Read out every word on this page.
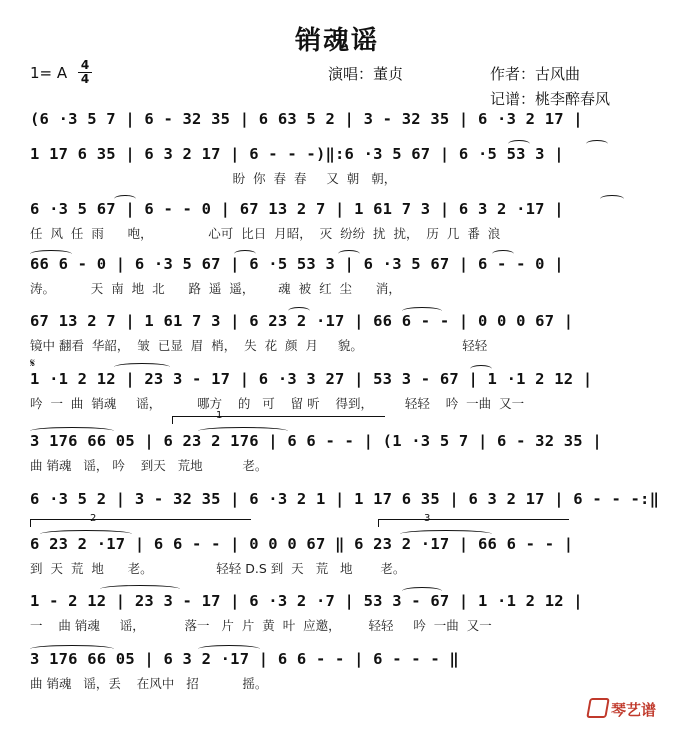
销魂谣
1= A 4
4	演唱：董贞	作者：古风曲
记谱：桃李醉春风
(6 ·3 5 7 | 6 - 32 35 | 6 63 5 2 | 3 - 32 35 | 6 ·3 2 17 |
1 17 6 35 | 6 3 2 17 | 6 - - -)‖:6 ·3 5 67 | 6 ·5 53 3 |
盼  你  春  春     又  朝   朝，
6 ·3 5 67 | 6 - - 0 | 67 13 2 7 | 1 61 7 3 | 6 3 2 ·17 |
任  风  任  雨      咆，              心可  比日  月昭，  灭  纷纷  扰  扰，  历  几  番  浪
66 6 - 0 | 6 ·3 5 67 | 6 ·5 53 3 | 6 ·3 5 67 | 6 - - 0 |
涛。         天  南  地  北      路  遥  遥，      魂  被  红  尘      消，
67 13 2 7 | 1 61 7 3 | 6 23 2 ·17 | 66 6 - - | 0 0 0 67 |
镜中 翻看  华韶，  皱  已显  眉  梢，  失  花  颜  月     貌。                         轻轻
𝄋
1 ·1 2 12 | 23 3 - 17 | 6 ·3 3 27 | 53 3 - 67 | 1 ·1 2 12 |
吟  一  曲  销魂     谣，         哪方    的   可    留 听    得到，        轻轻    吟  一曲  又一
1
3 176 66 05 | 6 23 2 176 | 6 6 - - | (1 ·3 5 7 | 6 - 32 35 |
曲 销魂   谣， 吟    到天   荒地          老。
6 ·3 5 2 | 3 - 32 35 | 6 ·3 2 1 | 1 17 6 35 | 6 3 2 17 | 6 - - -:‖
2	3
6 23 2 ·17 | 6 6 - - | 0 0 0 67 ‖ 6 23 2 ·17 | 66 6 - - |
到  天  荒  地      老。                轻轻 D.S 到  天   荒   地       老。
1 - 2 12 | 23 3 - 17 | 6 ·3 2 ·7 | 53 3 - 67 | 1 ·1 2 12 |
一    曲 销魂     谣，          落一   片  片  黄  叶  应邀，       轻轻     吟  一曲  又一
3 176 66 05 | 6 3 2 ·17 | 6 6 - - | 6 - - - ‖
曲 销魂   谣，丢    在风中   招           摇。
琴艺谱
